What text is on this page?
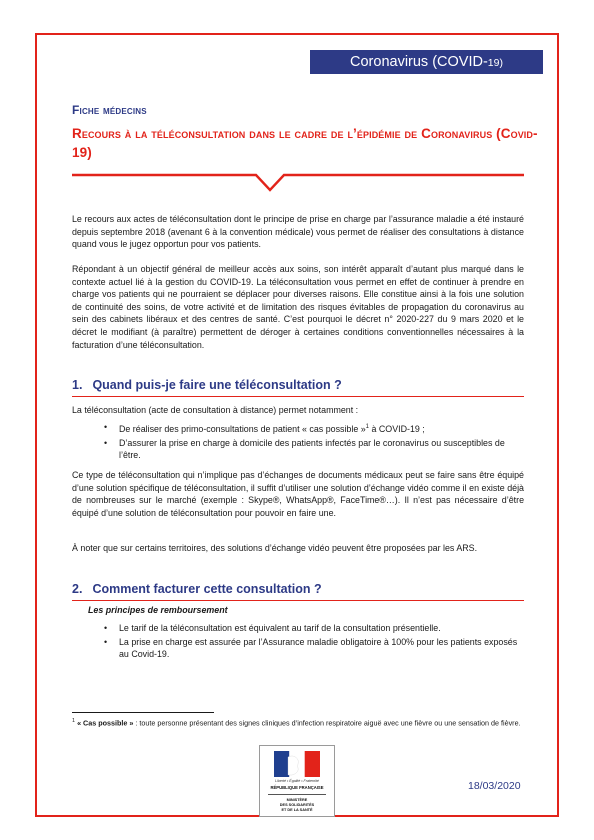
Coronavirus (COVID-19)
Fiche médecins
Recours à la téléconsultation dans le cadre de l’épidémie de Coronavirus (Covid-19)

Le recours aux actes de téléconsultation dont le principe de prise en charge par l’assurance maladie a été instauré depuis septembre 2018 (avenant 6 à la convention médicale) vous permet de réaliser des consultations à distance quand vous le jugez opportun pour vos patients.

Répondant à un objectif général de meilleur accès aux soins, son intérêt apparaît d’autant plus marqué dans le contexte actuel lié à la gestion du COVID-19. La téléconsultation vous permet en effet de continuer à prendre en charge vos patients qui ne pourraient se déplacer pour diverses raisons. Elle constitue ainsi à la fois une solution de continuité des soins, de votre activité et de limitation des risques évitables de propagation du coronavirus au sein des cabinets libéraux et des centres de santé. C’est pourquoi le décret n° 2020-227 du 9 mars 2020 et le décret le modifiant (à paraître) permettent de déroger à certaines conditions conventionnelles nécessaires à la facturation d’une téléconsultation.

1. Quand puis-je faire une téléconsultation ?

La téléconsultation (acte de consultation à distance) permet notamment :

• De réaliser des primo-consultations de patient « cas possible »$^1$ à COVID-19 ;
• D’assurer la prise en charge à domicile des patients infectés par le coronavirus ou susceptibles de l’être.

Ce type de téléconsultation qui n’implique pas d’échanges de documents médicaux peut se faire sans être équipé d’une solution spécifique de téléconsultation, il suffit d’utiliser une solution d’échange vidéo comme il en existe déjà de nombreuses sur le marché (exemple : Skype®, WhatsApp®, FaceTime®…). Il n’est pas nécessaire d’être équipé d’une solution de téléconsultation pour pouvoir en faire une.

À noter que sur certains territoires, des solutions d’échange vidéo peuvent être proposées par les ARS.

2. Comment facturer cette consultation ?
Les principes de remboursement
• Le tarif de la téléconsultation est équivalent au tarif de la consultation présentielle.
• La prise en charge est assurée par l’Assurance maladie obligatoire à 100% pour les patients exposés au Covid-19.

$^1$ « Cas possible » : toute personne présentant des signes cliniques d’infection respiratoire aiguë avec une fièvre ou une sensation de fièvre.

Liberté • Égalité • Fraternité
RÉPUBLIQUE FRANÇAISE
MINISTÈRE
DES SOLIDARITÉS
ET DE LA SANTÉ
18/03/2020
